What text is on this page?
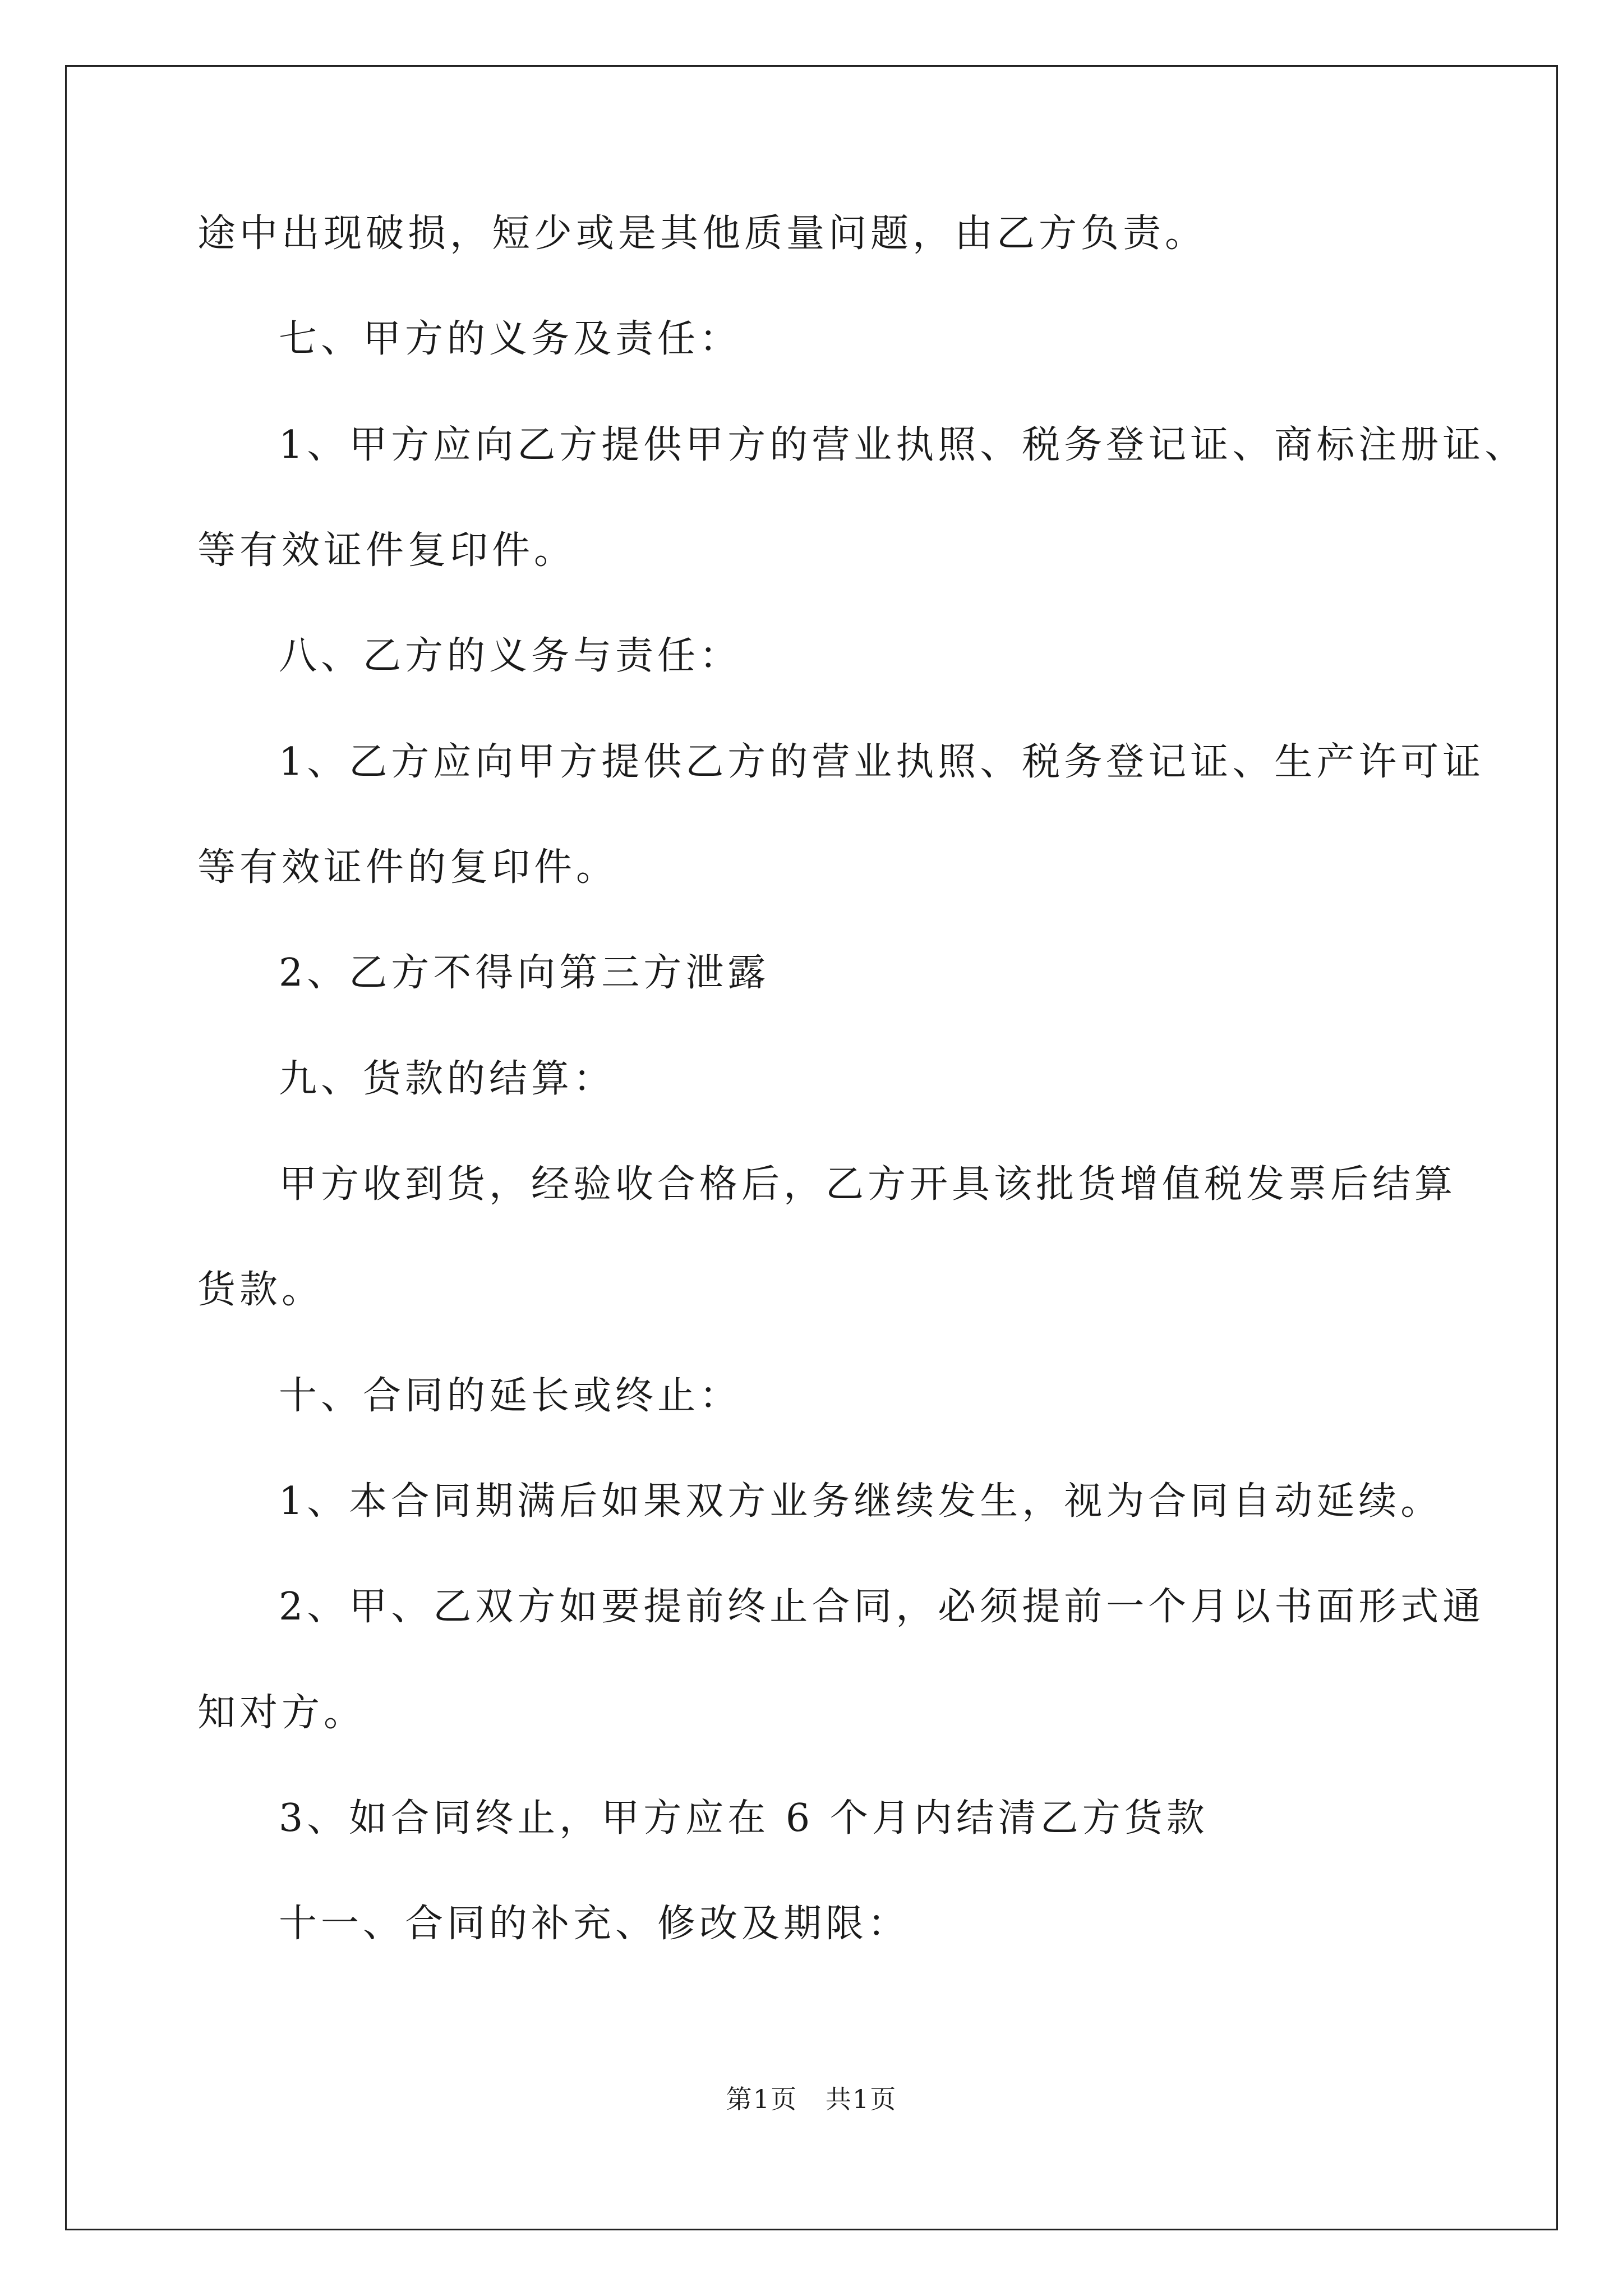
途中出现破损，短少或是其他质量问题，由乙方负责。
七、甲方的义务及责任：
1、甲方应向乙方提供甲方的营业执照、税务登记证、商标注册证、
等有效证件复印件。
八、乙方的义务与责任：
1、乙方应向甲方提供乙方的营业执照、税务登记证、生产许可证
等有效证件的复印件。
2、乙方不得向第三方泄露
九、货款的结算：
甲方收到货，经验收合格后，乙方开具该批货增值税发票后结算
货款。
十、合同的延长或终止：
1、本合同期满后如果双方业务继续发生，视为合同自动延续。
2、甲、乙双方如要提前终止合同，必须提前一个月以书面形式通
知对方。
3、如合同终止，甲方应在 6 个月内结清乙方货款
十一、合同的补充、修改及期限：
第1页   共1页
